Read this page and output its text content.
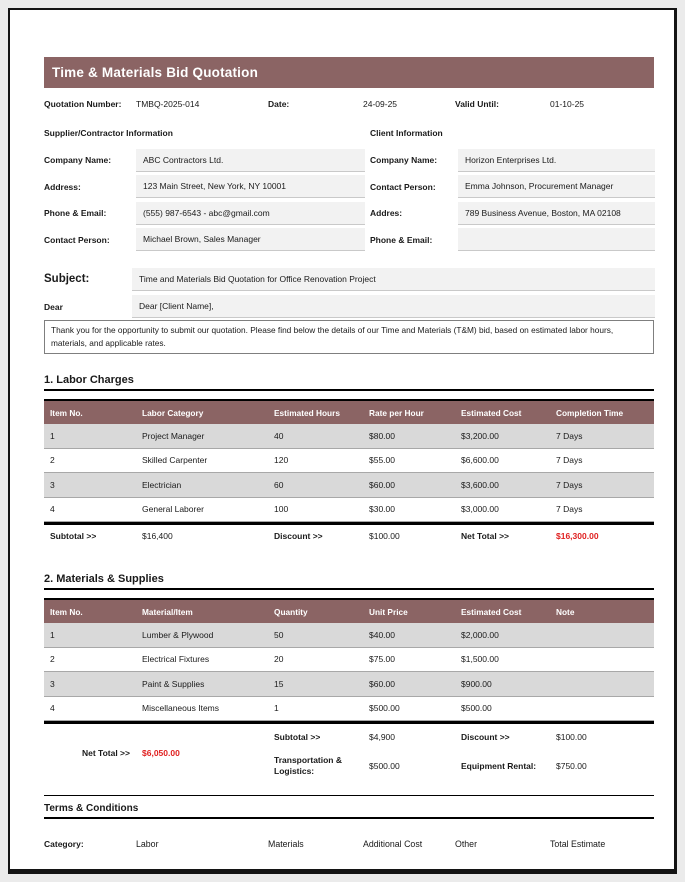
Time & Materials Bid Quotation
Quotation Number:	TMBQ-2025-014	Date:	24-09-25	Valid Until:	01-10-25
Supplier/Contractor Information	Client Information
Company Name:	ABC Contractors Ltd.	Company Name:	Horizon Enterprises Ltd.
Address:	123 Main Street, New York, NY 10001	Contact Person:	Emma Johnson, Procurement Manager
Phone & Email:	(555) 987-6543 - abc@gmail.com	Addres:	789 Business Avenue, Boston, MA 02108
Contact Person:	Michael Brown, Sales Manager	Phone & Email:
Subject:	Time and Materials Bid Quotation for Office Renovation Project
Dear	Dear [Client Name],
Thank you for the opportunity to submit our quotation. Please find below the details of our Time and Materials (T&M) bid, based on estimated labor hours, materials, and applicable rates.
1. Labor Charges
Item No.	Labor Category	Estimated Hours	Rate per Hour	Estimated Cost	Completion Time
1	Project Manager	40	$80.00	$3,200.00	7 Days
2	Skilled Carpenter	120	$55.00	$6,600.00	7 Days
3	Electrician	60	$60.00	$3,600.00	7 Days
4	General Laborer	100	$30.00	$3,000.00	7 Days
Subtotal >>	$16,400	Discount >>	$100.00	Net Total >>	$16,300.00
2. Materials & Supplies
Item No.	Material/Item	Quantity	Unit Price	Estimated Cost	Note
1	Lumber & Plywood	50	$40.00	$2,000.00
2	Electrical Fixtures	20	$75.00	$1,500.00
3	Paint & Supplies	15	$60.00	$900.00
4	Miscellaneous Items	1	$500.00	$500.00
Subtotal >>	$4,900	Discount >>	$100.00
Net Total >>	$6,050.00
Transportation & Logistics:	$500.00	Equipment Rental:	$750.00
Terms & Conditions
Category:	Labor	Materials	Additional Cost	Other	Total Estimate
